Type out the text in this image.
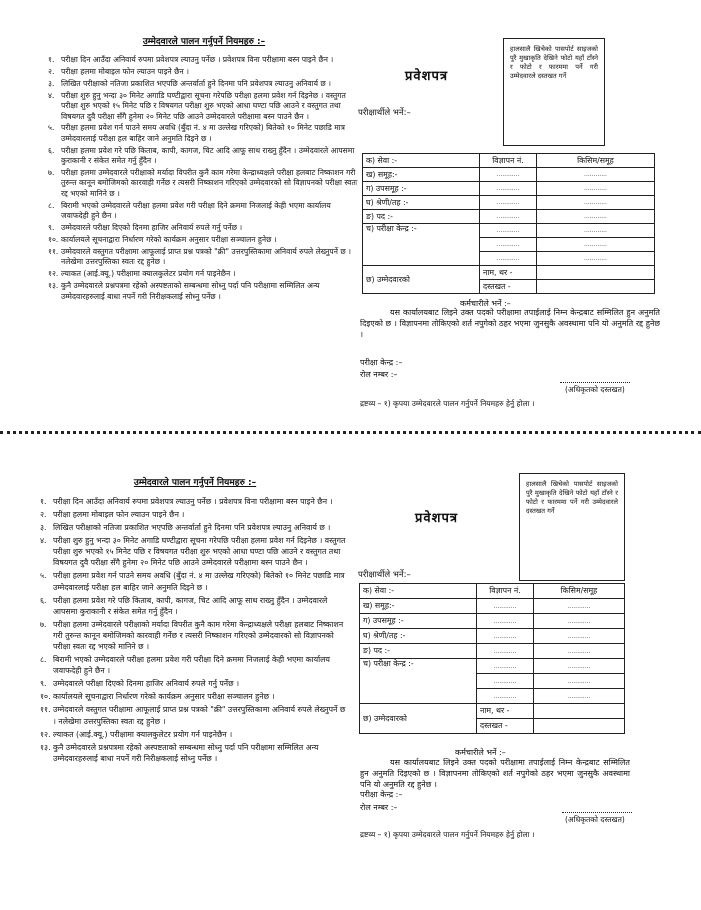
उम्मेदवारले पालन गर्नुपर्ने नियमहरु :–
१. परीक्षा दिन आउँदा अनिवार्य रुपमा प्रवेशपत्र ल्याउनु पर्नेछ । प्रवेशपत्र विना परीक्षामा बस्न पाइने छैन ।
२. परीक्षा हलमा मोबाइल फोन ल्याउन पाइने छैन ।
३. लिखित परीक्षाको नतिजा प्रकाशित भएपछि अन्तर्वार्ता हुने दिनमा पनि प्रवेशपत्र ल्याउनु अनिवार्य छ ।
४. परीक्षा शुरु हुनु भन्दा ३० मिनेट अगाडि घण्टीद्वारा सूचना गरेपछि परीक्षा हलमा प्रवेश गर्न दिइनेछ । वस्तुगत परीक्षा शुरु भएको १५ मिनेट पछि र विषयगत परीक्षा शुरु भएको आधा घण्टा पछि आउने र वस्तुगत तथा विषयगत दुवै परीक्षा सँगै हुनेमा २० मिनेट पछि आउने उम्मेदवारले परीक्षामा बस्न पाउने छैन ।
५. परीक्षा हलमा प्रवेश गर्न पाउने समय अवधि (बुँदा नं. ४ मा उल्लेख गरिएको) बितेको १० मिनेट पछाडि मात्र उम्मेदवारलाई परीक्षा हल बाहिर जाने अनुमति दिइने छ ।
६. परीक्षा हलमा प्रवेश गरे पछि किताब, कापी, कागज, चिट आदि आफू साथ राख्नु हुँदैन । उम्मेदवारले आपसमा कुराकानी र संकेत समेत गर्नु हुँदैन ।
७. परीक्षा हलमा उम्मेदवारले परीक्षाको मर्यादा विपरीत कुनै काम गरेमा केन्द्राध्यक्षले परीक्षा हलबाट निष्काशन गरी तुरुन्त कानून बमोजिमको कारवाही गर्नेछ र त्यसरी निष्काशन गरिएको उम्मेदवारको सो विज्ञापनको परीक्षा स्वतः रद्द भएको मानिने छ ।
८. बिरामी भएको उम्मेदवारले परीक्षा हलमा प्रवेश गरी परीक्षा दिने क्रममा निजलाई केही भएमा कार्यालय जवाफदेही हुने छैन ।
९. उम्मेदवारले परीक्षा दिएको दिनमा हाजिर अनिवार्य रुपले गर्नु पर्नेछ ।
१०. कार्यालयले सूचनाद्वारा निर्धारण गरेको कार्यक्रम अनुसार परीक्षा सञ्चालन हुनेछ ।
११. उम्मेदवारले वस्तुगत परीक्षामा आफूलाई प्राप्त प्रश्न पत्रको "क्री" उत्तरपुस्तिकामा अनिवार्य रुपले लेख्नुपर्ने छ । नलेखेमा उत्तरपुस्तिका स्वतः रद्द हुनेछ ।
१२. ल्याकत (आई.क्यू.) परीक्षामा क्यालकुलेटर प्रयोग गर्न पाइनेछैन ।
१३. कुनै उम्मेदवारले प्रश्नपत्रमा रहेको अस्पष्टताको सम्बन्धमा सोध्नु पर्दा पनि परीक्षामा सम्मिलित अन्य उम्मेदवारहरुलाई बाधा नपर्ने गरी निरीक्षकलाई सोध्नु पर्नेछ ।
हालसालै खिचेको पासपोर्ट साइजको पुरै मुखाकृति देखिने फोटो यहाँ टाँस्ने र फोटो र फारममा पर्ने गरी उम्मेदवारले दस्तखत गर्ने
प्रवेशपत्र
परीक्षार्थीले भर्ने:–
क) सेवा :-	विज्ञापन नं.	किसिम/समूह
ख) समूह:-	............	............
ग) उपसमूह :-	............	............
घ) श्रेणी/तह :-	............	............
ङ) पद :-	............	............
च) परीक्षा केन्द्र :-	............	............
	............	............
	............	............
छ) उम्मेदवारको	नाम, थर -	
	दस्तखत -	
कर्मचारीले भर्ने :–
यस कार्यालयबाट लिइने उक्त पदको परीक्षामा तपाईलाई निम्न केन्द्रबाट सम्मिलित हुन अनुमति दिइएको छ । विज्ञापनमा तोकिएको शर्त नपुगेको ठहर भएमा जुनसुकै अवस्थामा पनि यो अनुमति रद्द हुनेछ ।
परीक्षा केन्द्र :–
रोल नम्बर :–
(अधिकृतको दस्तखत)
द्रष्टव्य – १) कृपया उम्मेदवारले पालन गर्नुपर्ने नियमहरु हेर्नु होला ।
उम्मेदवारले पालन गर्नुपर्ने नियमहरु :–
१. परीक्षा दिन आउँदा अनिवार्य रुपमा प्रवेशपत्र ल्याउनु पर्नेछ । प्रवेशपत्र विना परीक्षामा बस्न पाइने छैन ।
२. परीक्षा हलमा मोबाइल फोन ल्याउन पाइने छैन ।
३. लिखित परीक्षाको नतिजा प्रकाशित भएपछि अन्तर्वार्ता हुने दिनमा पनि प्रवेशपत्र ल्याउनु अनिवार्य छ ।
४. परीक्षा शुरु हुनु भन्दा ३० मिनेट अगाडि घण्टीद्वारा सूचना गरेपछि परीक्षा हलमा प्रवेश गर्न दिइनेछ । वस्तुगत परीक्षा शुरु भएको १५ मिनेट पछि र विषयगत परीक्षा शुरु भएको आधा घण्टा पछि आउने र वस्तुगत तथा विषयगत दुवै परीक्षा सँगै हुनेमा २० मिनेट पछि आउने उम्मेदवारले परीक्षामा बस्न पाउने छैन ।
५. परीक्षा हलमा प्रवेश गर्न पाउने समय अवधि (बुँदा नं. ४ मा उल्लेख गरिएको) बितेको १० मिनेट पछाडि मात्र उम्मेदवारलाई परीक्षा हल बाहिर जाने अनुमति दिइने छ ।
६. परीक्षा हलमा प्रवेश गरे पछि किताब, कापी, कागज, चिट आदि आफू साथ राख्नु हुँदैन । उम्मेदवारले आपसमा कुराकानी र संकेत समेत गर्नु हुँदैन ।
७. परीक्षा हलमा उम्मेदवारले परीक्षाको मर्यादा विपरीत कुनै काम गरेमा केन्द्राध्यक्षले परीक्षा हलबाट निष्काशन गरी तुरुन्त कानून बमोजिमको कारवाही गर्नेछ र त्यसरी निष्काशन गरिएको उम्मेदवारको सो विज्ञापनको परीक्षा स्वतः रद्द भएको मानिने छ ।
८. बिरामी भएको उम्मेदवारले परीक्षा हलमा प्रवेश गरी परीक्षा दिने क्रममा निजलाई केही भएमा कार्यालय जवाफदेही हुने छैन ।
९. उम्मेदवारले परीक्षा दिएको दिनमा हाजिर अनिवार्य रुपले गर्नु पर्नेछ ।
१०. कार्यालयले सूचनाद्वारा निर्धारण गरेको कार्यक्रम अनुसार परीक्षा सञ्चालन हुनेछ ।
११. उम्मेदवारले वस्तुगत परीक्षामा आफूलाई प्राप्त प्रश्न पत्रको "क्री" उत्तरपुस्तिकामा अनिवार्य रुपले लेख्नुपर्ने छ । नलेखेमा उत्तरपुस्तिका स्वतः रद्द हुनेछ ।
१२. ल्याकत (आई.क्यू.) परीक्षामा क्यालकुलेटर प्रयोग गर्न पाइनेछैन ।
१३. कुनै उम्मेदवारले प्रश्नपत्रमा रहेको अस्पष्टताको सम्बन्धमा सोध्नु पर्दा पनि परीक्षामा सम्मिलित अन्य उम्मेदवारहरुलाई बाधा नपर्ने गरी निरीक्षकलाई सोध्नु पर्नेछ ।
हालसालै खिचेको पासपोर्ट साइजको पुरै मुखाकृति देखिने फोटो यहाँ टाँस्ने र फोटो र फारममा पर्ने गरी उम्मेदवारले दस्तखत गर्ने
प्रवेशपत्र
परीक्षार्थीले भर्ने:–
क) सेवा :-	विज्ञापन नं.	किसिम/समूह
ख) समूह:-	............	............
ग) उपसमूह :-	............	............
घ) श्रेणी/तह :-	............	............
ङ) पद :-	............	............
च) परीक्षा केन्द्र :-	............	............
	............	............
	............	............
छ) उम्मेदवारको	नाम, थर -	
	दस्तखत -	
कर्मचारीले भर्ने :–
यस कार्यालयबाट लिइने उक्त पदको परीक्षामा तपाईलाई निम्न केन्द्रबाट सम्मिलित हुन अनुमति दिइएको छ । विज्ञापनमा तोकिएको शर्त नपुगेको ठहर भएमा जुनसुकै अवस्थामा पनि यो अनुमति रद्द हुनेछ ।
परीक्षा केन्द्र :–
रोल नम्बर :–
(अधिकृतको दस्तखत)
द्रष्टव्य – १) कृपया उम्मेदवारले पालन गर्नुपर्ने नियमहरु हेर्नु होला ।
